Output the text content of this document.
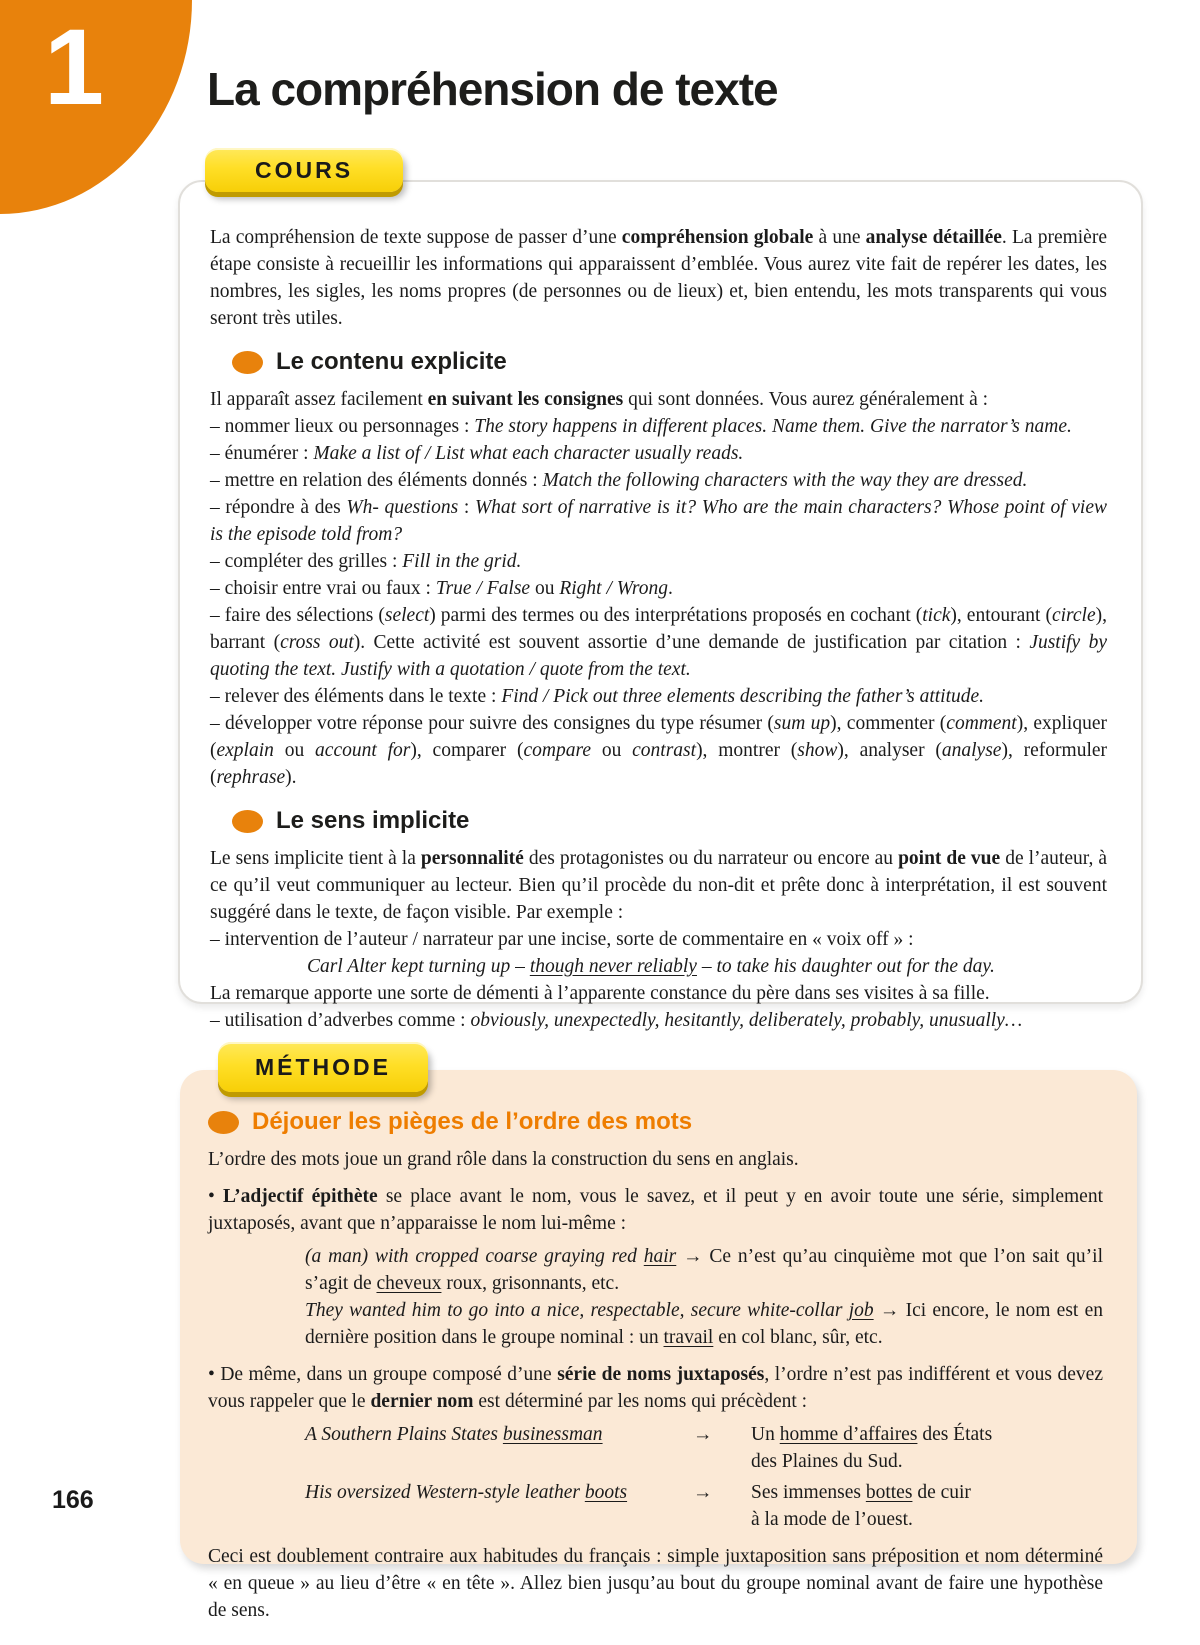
1 La compréhension de texte
COURS

La compréhension de texte suppose de passer d’une compréhension globale à une analyse détaillée. La première étape consiste à recueillir les informations qui apparaissent d’emblée. Vous aurez vite fait de repérer les dates, les nombres, les sigles, les noms propres (de personnes ou de lieux) et, bien entendu, les mots transparents qui vous seront très utiles.

Le contenu explicite

Il apparaît assez facilement en suivant les consignes qui sont données. Vous aurez généralement à :

– nommer lieux ou personnages : The story happens in different places. Name them. Give the narrator’s name.

– énumérer : Make a list of / List what each character usually reads.

– mettre en relation des éléments donnés : Match the following characters with the way they are dressed.

– répondre à des Wh- questions : What sort of narrative is it? Who are the main characters? Whose point of view is the episode told from?

– compléter des grilles : Fill in the grid.

– choisir entre vrai ou faux : True / False ou Right / Wrong.

– faire des sélections (select) parmi des termes ou des interprétations proposés en cochant (tick), entourant (circle), barrant (cross out). Cette activité est souvent assortie d’une demande de justification par citation : Justify by quoting the text. Justify with a quotation / quote from the text.

– relever des éléments dans le texte : Find / Pick out three elements describing the father’s attitude.

– développer votre réponse pour suivre des consignes du type résumer (sum up), commenter (comment), expliquer (explain ou account for), comparer (compare ou contrast), montrer (show), analyser (analyse), reformuler (rephrase).

Le sens implicite

Le sens implicite tient à la personnalité des protagonistes ou du narrateur ou encore au point de vue de l’auteur, à ce qu’il veut communiquer au lecteur. Bien qu’il procède du non-dit et prête donc à interprétation, il est souvent suggéré dans le texte, de façon visible. Par exemple :

– intervention de l’auteur / narrateur par une incise, sorte de commentaire en « voix off » :

Carl Alter kept turning up – though never reliably – to take his daughter out for the day.

La remarque apporte une sorte de démenti à l’apparente constance du père dans ses visites à sa fille.

– utilisation d’adverbes comme : obviously, unexpectedly, hesitantly, deliberately, probably, unusually…

MÉTHODE
Déjouer les pièges de l’ordre des mots

L’ordre des mots joue un grand rôle dans la construction du sens en anglais.

• L’adjectif épithète se place avant le nom, vous le savez, et il peut y en avoir toute une série, simplement juxtaposés, avant que n’apparaisse le nom lui-même :

(a man) with cropped coarse graying red hair → Ce n’est qu’au cinquième mot que l’on sait qu’il s’agit de cheveux roux, grisonnants, etc.

They wanted him to go into a nice, respectable, secure white-collar job → Ici encore, le nom est en dernière position dans le groupe nominal : un travail en col blanc, sûr, etc.

• De même, dans un groupe composé d’une série de noms juxtaposés, l’ordre n’est pas indifférent et vous devez vous rappeler que le dernier nom est déterminé par les noms qui précèdent :

A Southern Plains States businessman	→	Un homme d’affaires des États
des Plaines du Sud.
His oversized Western-style leather boots	→	Ses immenses bottes de cuir
à la mode de l’ouest.

Ceci est doublement contraire aux habitudes du français : simple juxtaposition sans préposition et nom déterminé « en queue » au lieu d’être « en tête ». Allez bien jusqu’au bout du groupe nominal avant de faire une hypothèse de sens.

166
